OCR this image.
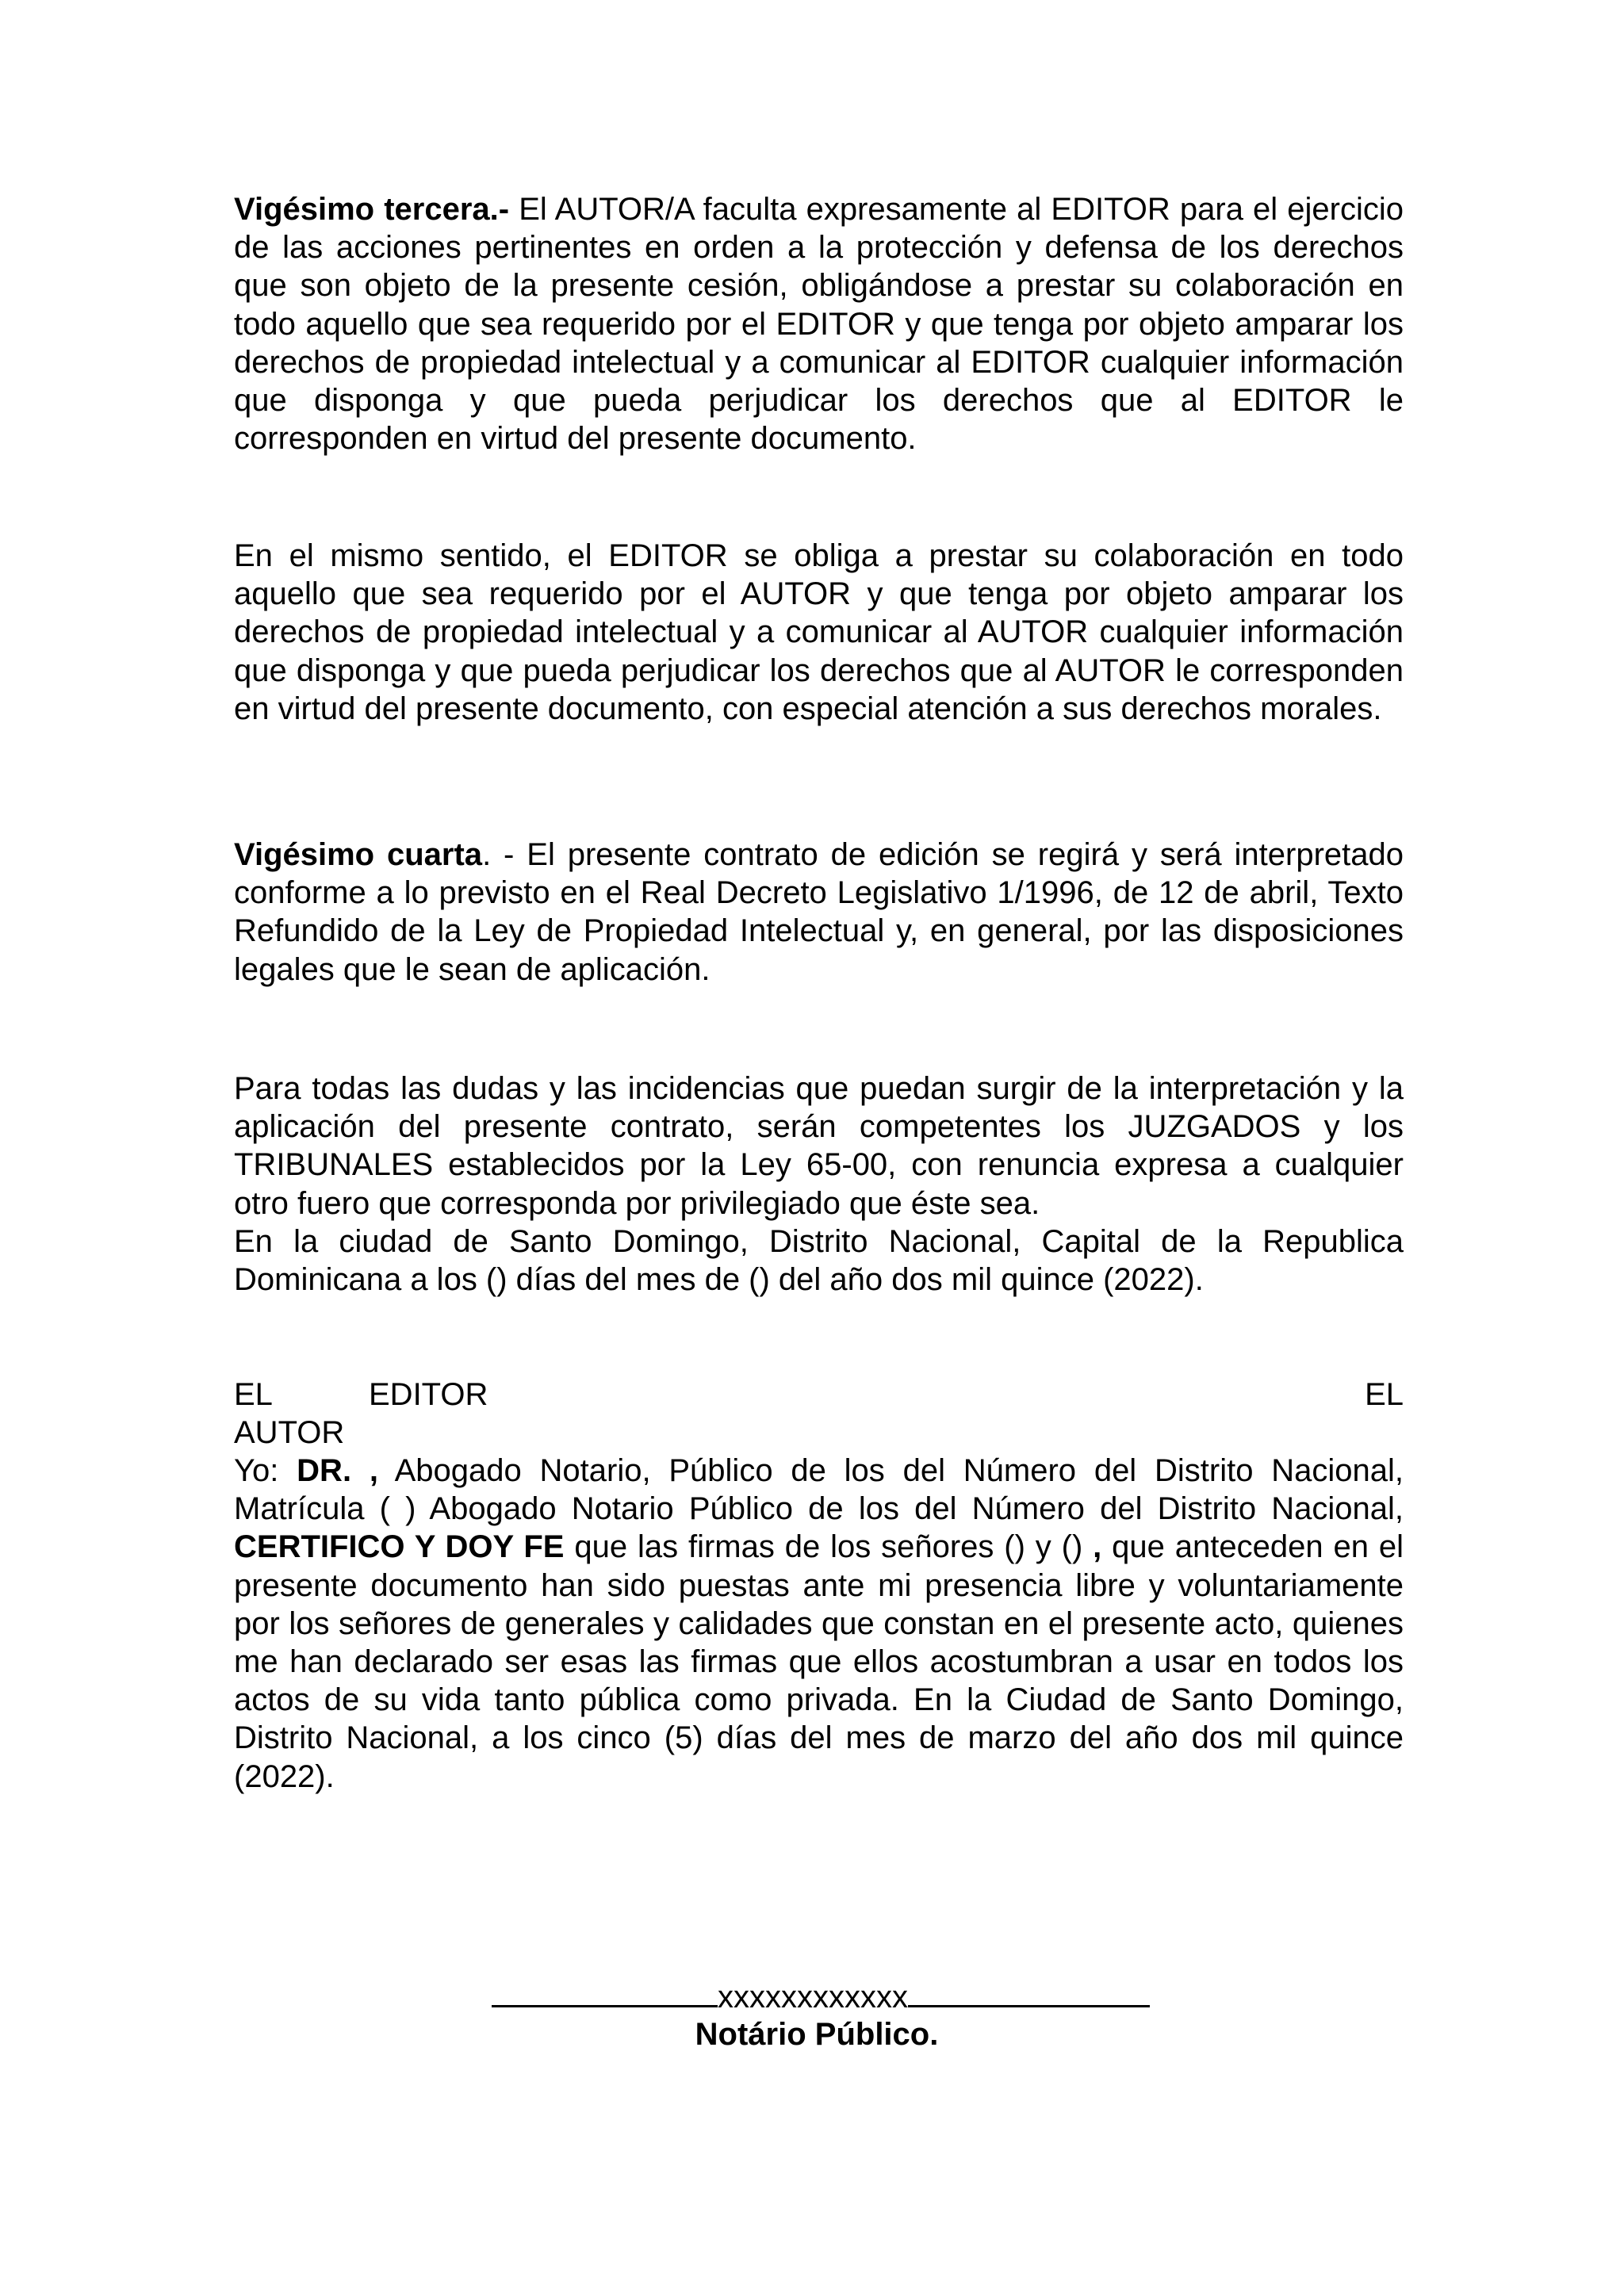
Vigésimo tercera.- El AUTOR/A faculta expresamente al EDITOR para el ejercicio de las acciones pertinentes en orden a la protección y defensa de los derechos que son objeto de la presente cesión, obligándose a prestar su colaboración en todo aquello que sea requerido por el EDITOR y que tenga por objeto amparar los derechos de propiedad intelectual y a comunicar al EDITOR cualquier información que disponga y que pueda perjudicar los derechos que al EDITOR le corresponden en virtud del presente documento.
En el mismo sentido, el EDITOR se obliga a prestar su colaboración en todo aquello que sea requerido por el AUTOR y que tenga por objeto amparar los derechos de propiedad intelectual y a comunicar al AUTOR cualquier información que disponga y que pueda perjudicar los derechos que al AUTOR le corresponden en virtud del presente documento, con especial atención a sus derechos morales.
Vigésimo cuarta. - El presente contrato de edición se regirá y será interpretado conforme a lo previsto en el Real Decreto Legislativo 1/1996, de 12 de abril, Texto Refundido de la Ley de Propiedad Intelectual y, en general, por las disposiciones legales que le sean de aplicación.
Para todas las dudas y las incidencias que puedan surgir de la interpretación y la aplicación del presente contrato, serán competentes los JUZGADOS y los TRIBUNALES establecidos por la Ley 65-00, con renuncia expresa a cualquier otro fuero que corresponda por privilegiado que éste sea.
En la ciudad de Santo Domingo, Distrito Nacional, Capital de la Republica Dominicana a los () días del mes de () del año dos mil quince (2022).
EL	EDITOR	EL
AUTOR
Yo: DR. , Abogado Notario, Público de los del Número del Distrito Nacional, Matrícula ( ) Abogado Notario Público de los del Número del Distrito Nacional, CERTIFICO Y DOY FE que las firmas de los señores () y () , que anteceden en el presente documento han sido puestas ante mi presencia libre y voluntariamente por los señores de generales y calidades que constan en el presente acto, quienes me han declarado ser esas las firmas que ellos acostumbran a usar en todos los actos de su vida tanto pública como privada. En la Ciudad de Santo Domingo, Distrito Nacional, a los cinco (5) días del mes de marzo del año dos mil quince (2022).
xxxxxxxxxxxx
Notário Público.
